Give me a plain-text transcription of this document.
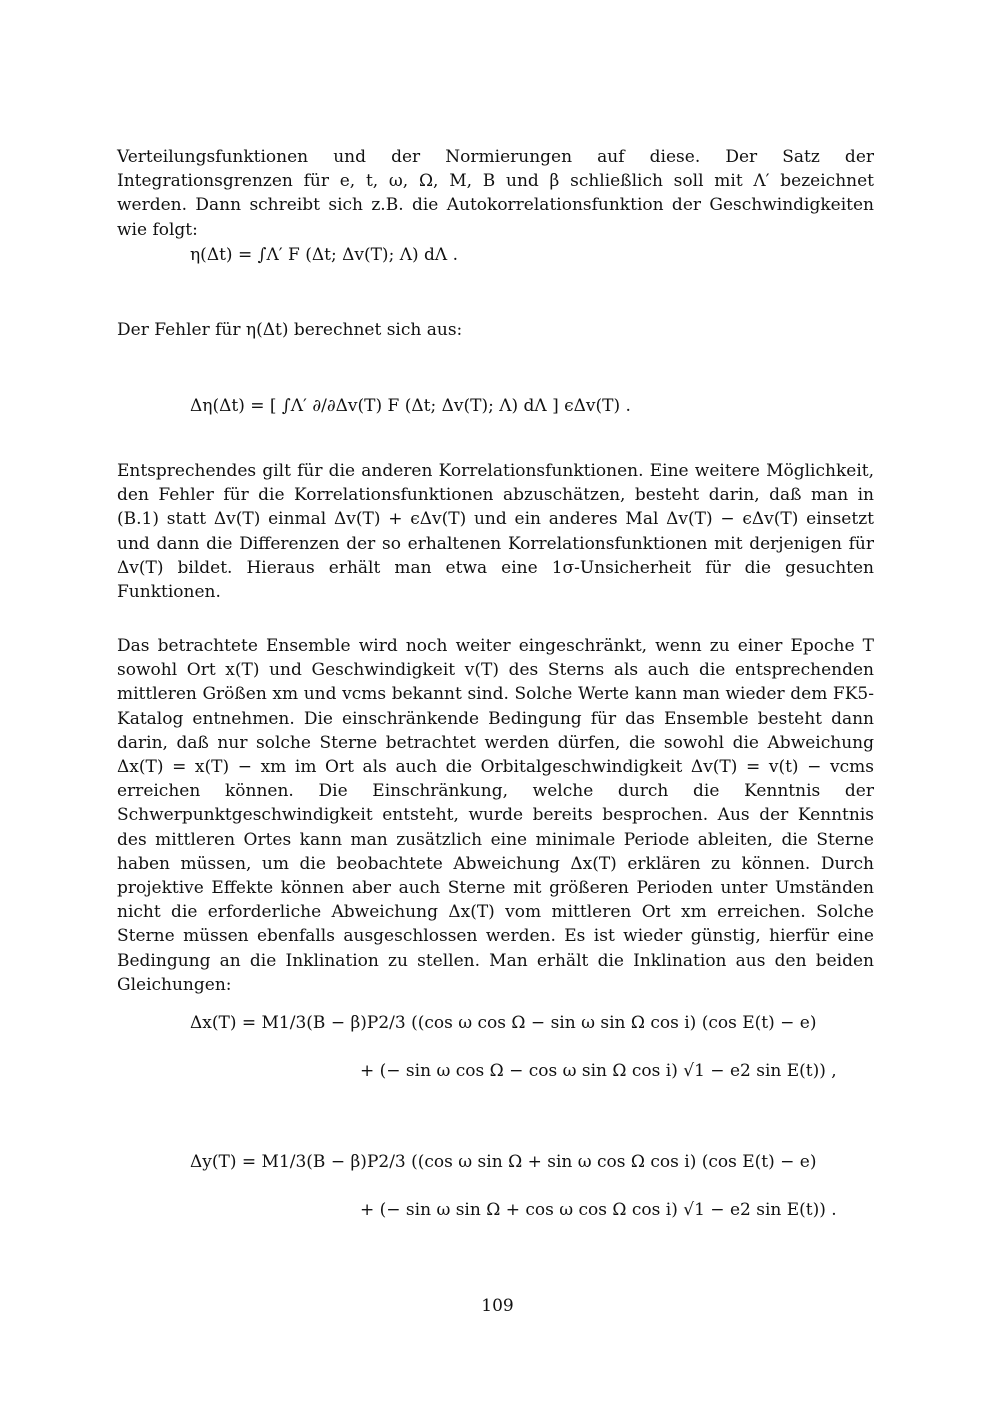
Verteilungsfunktionen und der Normierungen auf diese. Der Satz der Integrationsgrenzen für e, t, ω, Ω, M, B und β schließlich soll mit Λ′ bezeichnet werden. Dann schreibt sich z.B. die Autokorrelationsfunktion der Geschwindigkeiten wie folgt:

η(Δt) = ∫Λ′ F (Δt; Δv(T); Λ) dΛ .

Der Fehler für η(Δt) berechnet sich aus:

Δη(Δt) = [ ∫Λ′ ∂/∂Δv(T) F (Δt; Δv(T); Λ) dΛ ] ϵΔv(T) .

Entsprechendes gilt für die anderen Korrelationsfunktionen. Eine weitere Möglichkeit, den Fehler für die Korrelationsfunktionen abzuschätzen, besteht darin, daß man in (B.1) statt Δv(T) einmal Δv(T) + ϵΔv(T) und ein anderes Mal Δv(T) − ϵΔv(T) einsetzt und dann die Differenzen der so erhaltenen Korrelationsfunktionen mit derjenigen für Δv(T) bildet. Hieraus erhält man etwa eine 1σ-Unsicherheit für die gesuchten Funktionen.

Das betrachtete Ensemble wird noch weiter eingeschränkt, wenn zu einer Epoche T sowohl Ort x(T) und Geschwindigkeit v(T) des Sterns als auch die entsprechenden mittleren Größen xm und vcms bekannt sind. Solche Werte kann man wieder dem FK5-Katalog entnehmen. Die einschränkende Bedingung für das Ensemble besteht dann darin, daß nur solche Sterne betrachtet werden dürfen, die sowohl die Abweichung Δx(T) = x(T) − xm im Ort als auch die Orbitalgeschwindigkeit Δv(T) = v(t) − vcms erreichen können. Die Einschränkung, welche durch die Kenntnis der Schwerpunktgeschwindigkeit entsteht, wurde bereits besprochen. Aus der Kenntnis des mittleren Ortes kann man zusätzlich eine minimale Periode ableiten, die Sterne haben müssen, um die beobachtete Abweichung Δx(T) erklären zu können. Durch projektive Effekte können aber auch Sterne mit größeren Perioden unter Umständen nicht die erforderliche Abweichung Δx(T) vom mittleren Ort xm erreichen. Solche Sterne müssen ebenfalls ausgeschlossen werden. Es ist wieder günstig, hierfür eine Bedingung an die Inklination zu stellen. Man erhält die Inklination aus den beiden Gleichungen:

Δx(T) = M1/3(B − β)P2/3 ((cos ω cos Ω − sin ω sin Ω cos i) (cos E(t) − e)
+ (− sin ω cos Ω − cos ω sin Ω cos i) √1 − e2 sin E(t)) ,
Δy(T) = M1/3(B − β)P2/3 ((cos ω sin Ω + sin ω cos Ω cos i) (cos E(t) − e)
+ (− sin ω sin Ω + cos ω cos Ω cos i) √1 − e2 sin E(t)) .
109
